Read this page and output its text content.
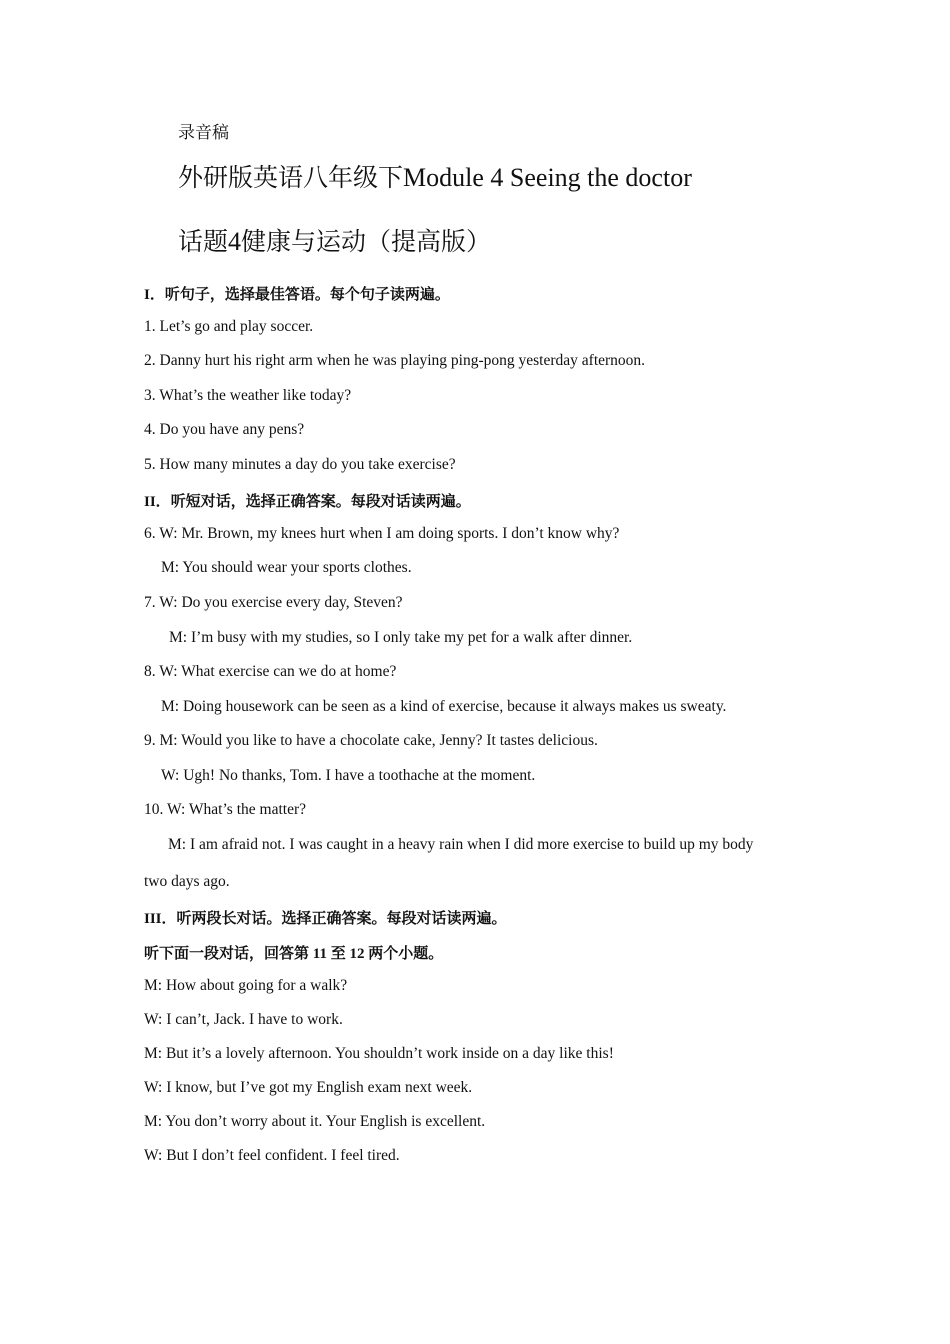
录音稿
外研版英语八年级下Module 4 Seeing the doctor
话题4健康与运动（提高版）
I．听句子，选择最佳答语。每个句子读两遍。
1. Let’s go and play soccer.
2. Danny hurt his right arm when he was playing ping-pong yesterday afternoon.
3. What’s the weather like today?
4. Do you have any pens?
5. How many minutes a day do you take exercise?
II．听短对话，选择正确答案。每段对话读两遍。
6. W: Mr. Brown, my knees hurt when I am doing sports. I don’t know why?
M: You should wear your sports clothes.
7. W: Do you exercise every day, Steven?
M: I’m busy with my studies, so I only take my pet for a walk after dinner.
8. W: What exercise can we do at home?
M: Doing housework can be seen as a kind of exercise, because it always makes us sweaty.
9. M: Would you like to have a chocolate cake, Jenny? It tastes delicious.
W: Ugh! No thanks, Tom. I have a toothache at the moment.
10. W: What’s the matter?
M: I am afraid not. I was caught in a heavy rain when I did more exercise to build up my body
two days ago.
III．听两段长对话。选择正确答案。每段对话读两遍。
听下面一段对话，回答第 11 至 12 两个小题。
M: How about going for a walk?
W: I can’t, Jack. I have to work.
M: But it’s a lovely afternoon. You shouldn’t work inside on a day like this!
W: I know, but I’ve got my English exam next week.
M: You don’t worry about it. Your English is excellent.
W: But I don’t feel confident. I feel tired.
